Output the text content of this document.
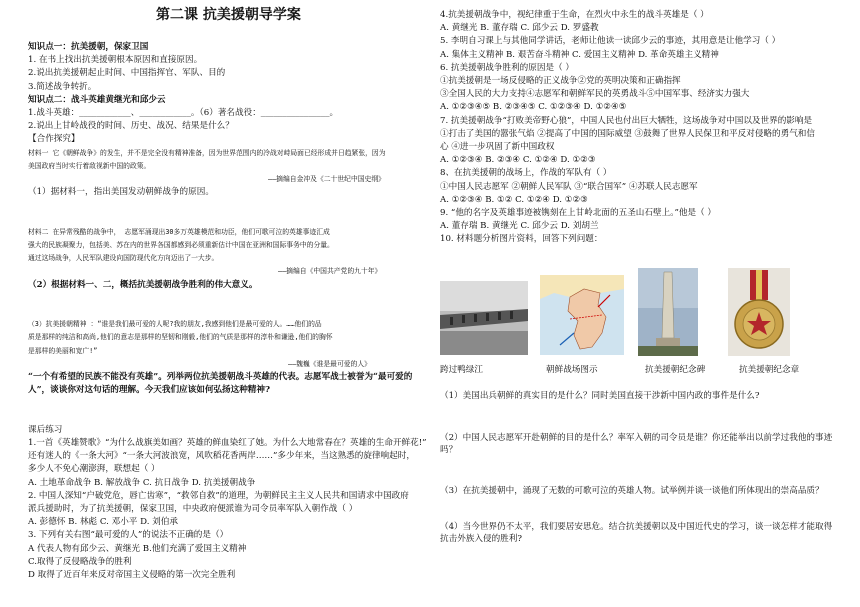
第二课 抗美援朝导学案
知识点一：抗美援朝，保家卫国
1. 在书上找出抗美援朝根本原因和直接原因。
2.说出抗美援朝起止时间、中国指挥官、军队、目的
3.简述战争转折。
知识点二：战斗英雄黄继光和邱少云
1.战斗英雄：____________、____________。（6）著名战役：________________。
2.说出上甘岭战役的时间、历史、战况、结果是什么？
【合作探究】
材料一 它《朝鲜战争》的发生，并不是完全没有精神准备，因为世界范围内的冷战对峙局面已经形成并日趋紧张，因为
美国政府当时实行着敌视新中国的政策。
——摘编自金冲及《二十世纪中国史纲》
（1）据材料一，指出美国发动朝鲜战争的原因。
材料二 在异常残酷的战争中， 志愿军涌现出30多万英雄模范和功臣，他们可歌可泣的英雄事迹汇成
强大的民族凝聚力，包括美、苏在内的世界各国都感到必须重新估计中国在亚洲和国际事务中的分量。
通过这场战争，人民军队建设向国防现代化方向迈出了一大步。
——摘编自《中国共产党的九十年》
（2）根据材料一、二，概括抗美援朝战争胜利的伟大意义。
（3）抗美援朝精神 ：“谁是我们最可爱的人呢?我的朋友,我感到他们是最可爱的人。……他们的品
质是那样的纯洁和高尚,他们的意志是那样的坚韧和刚毅,他们的气质是那样的淳朴和谦逊,他们的胸怀
是那样的美丽和宽广!”
——魏巍《谁是最可爱的人》
“一个有希望的民族不能没有英雄”。列举两位抗美援朝战斗英雄的代表。志愿军战士被誉为“最可爱的
人”，谈谈你对这句话的理解。今天我们应该如何弘扬这种精神?
课后练习
1.一首《英雄赞歌》“为什么战旗美如画？英雄的鲜血染红了她。为什么大地常春在？英雄的生命开鲜花!”
还有迷人的《一条大河》“一条大河波浪宽，风吹稻花香两岸……”多少年来，当这熟悉的旋律响起时，
多少人不免心潮澎湃，联想起（ ）
A. 土地革命战争 B. 解放战争 C. 抗日战争 D. 抗美援朝战争
2. 中国人深知“户破党危，唇亡齿寒”，“救邻自救”的道理，为朝鲜民主主义人民共和国请求中国政府
派兵援助时，为了抗美援朝，保家卫国，中央政府便派谁为司令员率军队入朝作战（ ）
A. 彭德怀 B. 林彪 C. 邓小平 D. 刘伯承
3. 下列有关右图“最可爱的人”的说法不正确的是（）
A 代表人物有邱少云、黄继光 B.他们充满了爱国主义精神
C.取得了反侵略战争的胜利
D 取得了近百年来反对帝国主义侵略的第一次完全胜利
4.抗美援朝战争中，视纪律重于生命，在烈火中永生的战斗英雄是（ ）
A. 黄继光 B. 董存瑞 C. 邱少云 D. 罗盛教
5. 李明自习课上与其他同学讲话，老师让他读一读邱少云的事迹，其用意是让他学习（ ）
A. 集体主义精神 B. 艰苦奋斗精神 C. 爱国主义精神 D. 革命英雄主义精神
6. 抗美援朝战争胜利的原因是（ ）
①抗美援朝是一场反侵略的正义战争②党的英明决策和正确指挥
③全国人民的大力支持④志愿军和朝鲜军民的英勇战斗⑤中国军事、经济实力强大
A. ①②③④⑤ B. ②③④⑤ C. ①②③④ D. ①②④⑤
7. 抗美援朝战争“打败美帝野心狼”，中国人民也付出巨大牺牲，这场战争对中国以及世界的影响是
①打击了美国的嚣张气焰 ②提高了中国的国际威望 ③鼓舞了世界人民保卫和平反对侵略的勇气和信
心 ④进一步巩固了新中国政权
A. ①②③④ B. ②③④ C. ①②④ D. ①②③
8、在抗美援朝的战场上，作战的军队有（ ）
①中国人民志愿军 ②朝鲜人民军队 ③“联合国军” ④苏联人民志愿军
A. ①②③④ B. ①② C. ①②④ D. ①②③
9. “他的名字及英雄事迹被镌刻在上甘岭北面的五圣山石壁上。”他是（ ）
A. 董存瑞 B. 黄继光 C. 邱少云 D. 刘胡兰
10. 材料题分析图片资料，回答下列问题：
跨过鸭绿江	朝鲜战场图示	抗美援朝纪念碑	抗美援朝纪念章
（1）美国出兵朝鲜的真实目的是什么？同时美国直接干涉新中国内政的事件是什么?
（2）中国人民志愿军开赴朝鲜的目的是什么？率军入朝的司令员是谁？你还能举出以前学过我他的事迹
吗？
（3）在抗美援朝中，涌现了无数的可歌可泣的英雄人物。试举例并谈一谈他们所体现出的崇高品质？
（4）当今世界仍不太平，我们要居安思危。结合抗美援朝以及中国近代史的学习，谈一谈怎样才能取得
抗击外族入侵的胜利?
